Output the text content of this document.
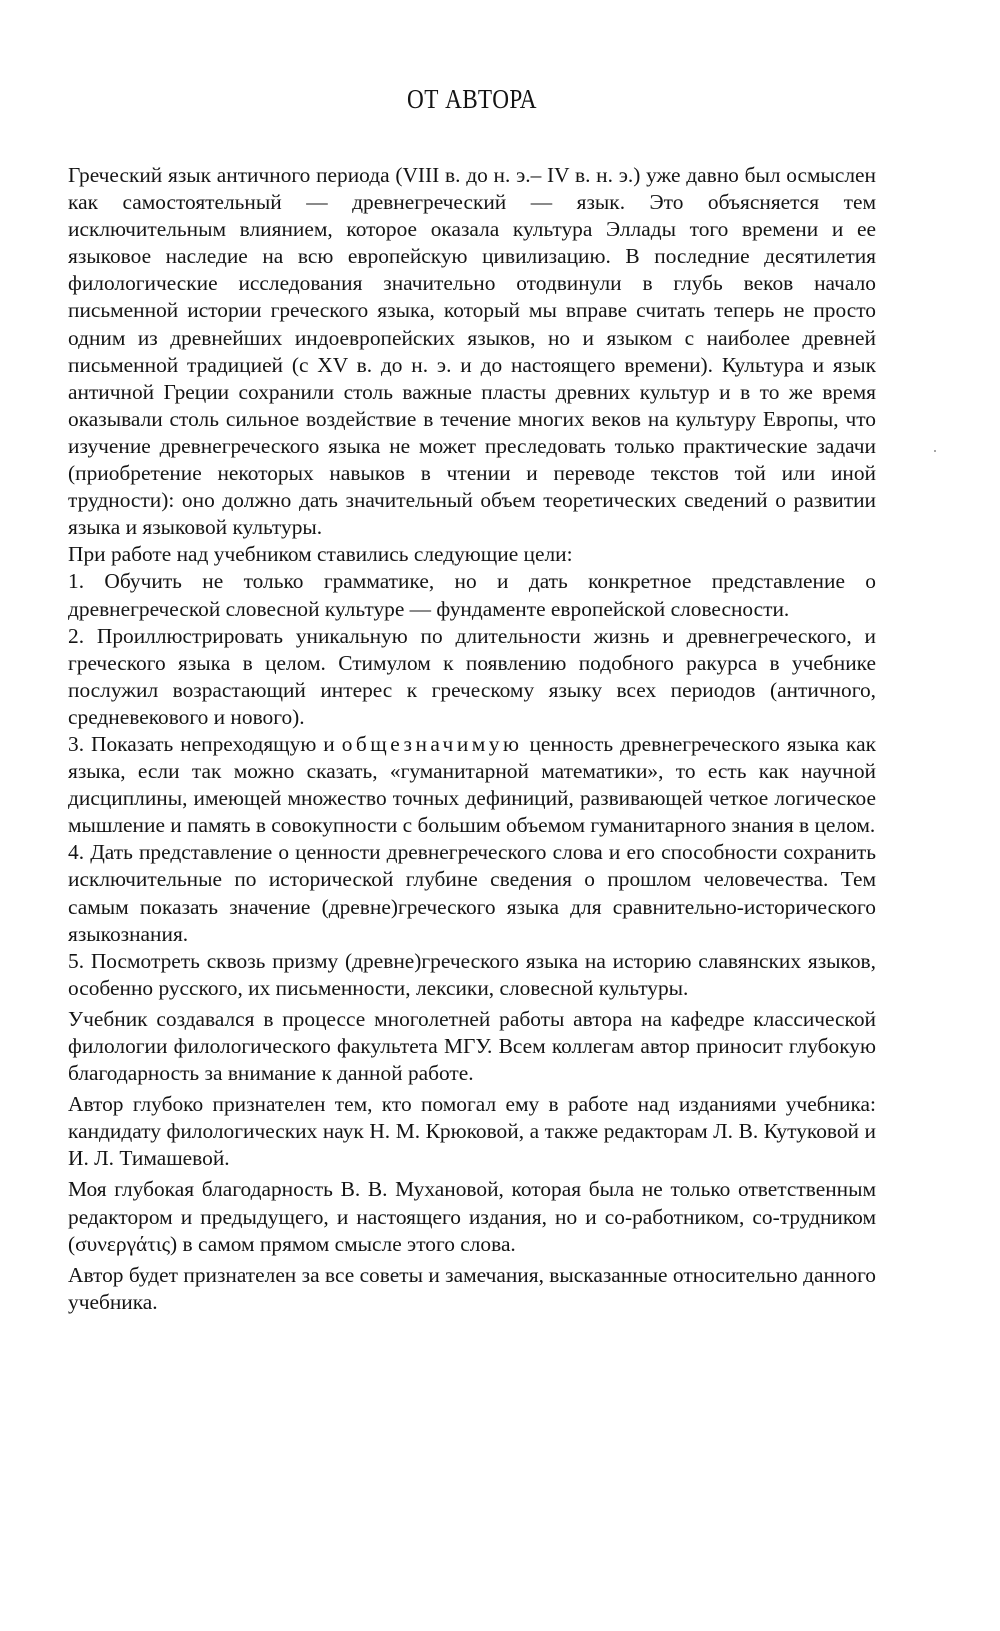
ОТ АВТОРА

Греческий язык античного периода (VIII в. до н. э.– IV в. н. э.) уже давно был осмыслен как самостоятельный — древнегреческий — язык. Это объясняется тем исключительным влиянием, которое оказала культура Эллады того времени и ее языковое наследие на всю европейскую цивилизацию. В последние десятилетия филологические исследования значительно отодвинули в глубь веков начало письменной истории греческого языка, который мы вправе считать теперь не просто одним из древнейших индоевропейских языков, но и языком с наиболее древней письменной традицией (с XV в. до н. э. и до настоящего времени). Культура и язык античной Греции сохранили столь важные пласты древних культур и в то же время оказывали столь сильное воздействие в течение многих веков на культуру Европы, что изучение древнегреческого языка не может преследовать только практические задачи (приобретение некоторых навыков в чтении и переводе текстов той или иной трудности): оно должно дать значительный объем теоретических сведений о развитии языка и языковой культуры.

При работе над учебником ставились следующие цели:

1. Обучить не только грамматике, но и дать конкретное представление о древнегреческой словесной культуре — фундаменте европейской словесности.

2. Проиллюстрировать уникальную по длительности жизнь и древнегреческого, и греческого языка в целом. Стимулом к появлению подобного ракурса в учебнике послужил возрастающий интерес к греческому языку всех периодов (античного, средневекового и нового).

3. Показать непреходящую и общезначимую ценность древнегреческого языка как языка, если так можно сказать, «гуманитарной математики», то есть как научной дисциплины, имеющей множество точных дефиниций, развивающей четкое логическое мышление и память в совокупности с большим объемом гуманитарного знания в целом.

4. Дать представление о ценности древнегреческого слова и его способности сохранить исключительные по исторической глубине сведения о прошлом человечества. Тем самым показать значение (древне)греческого языка для сравнительно-исторического языкознания.

5. Посмотреть сквозь призму (древне)греческого языка на историю славянских языков, особенно русского, их письменности, лексики, словесной культуры.

Учебник создавался в процессе многолетней работы автора на кафедре классической филологии филологического факультета МГУ. Всем коллегам автор приносит глубокую благодарность за внимание к данной работе.

Автор глубоко признателен тем, кто помогал ему в работе над изданиями учебника: кандидату филологических наук Н. М. Крюковой, а также редакторам Л. В. Кутуковой и И. Л. Тимашевой.

Моя глубокая благодарность В. В. Мухановой, которая была не только ответственным редактором и предыдущего, и настоящего издания, но и со-работником, со-трудником (συνεργάτις) в самом прямом смысле этого слова.

Автор будет признателен за все советы и замечания, высказанные относительно данного учебника.
